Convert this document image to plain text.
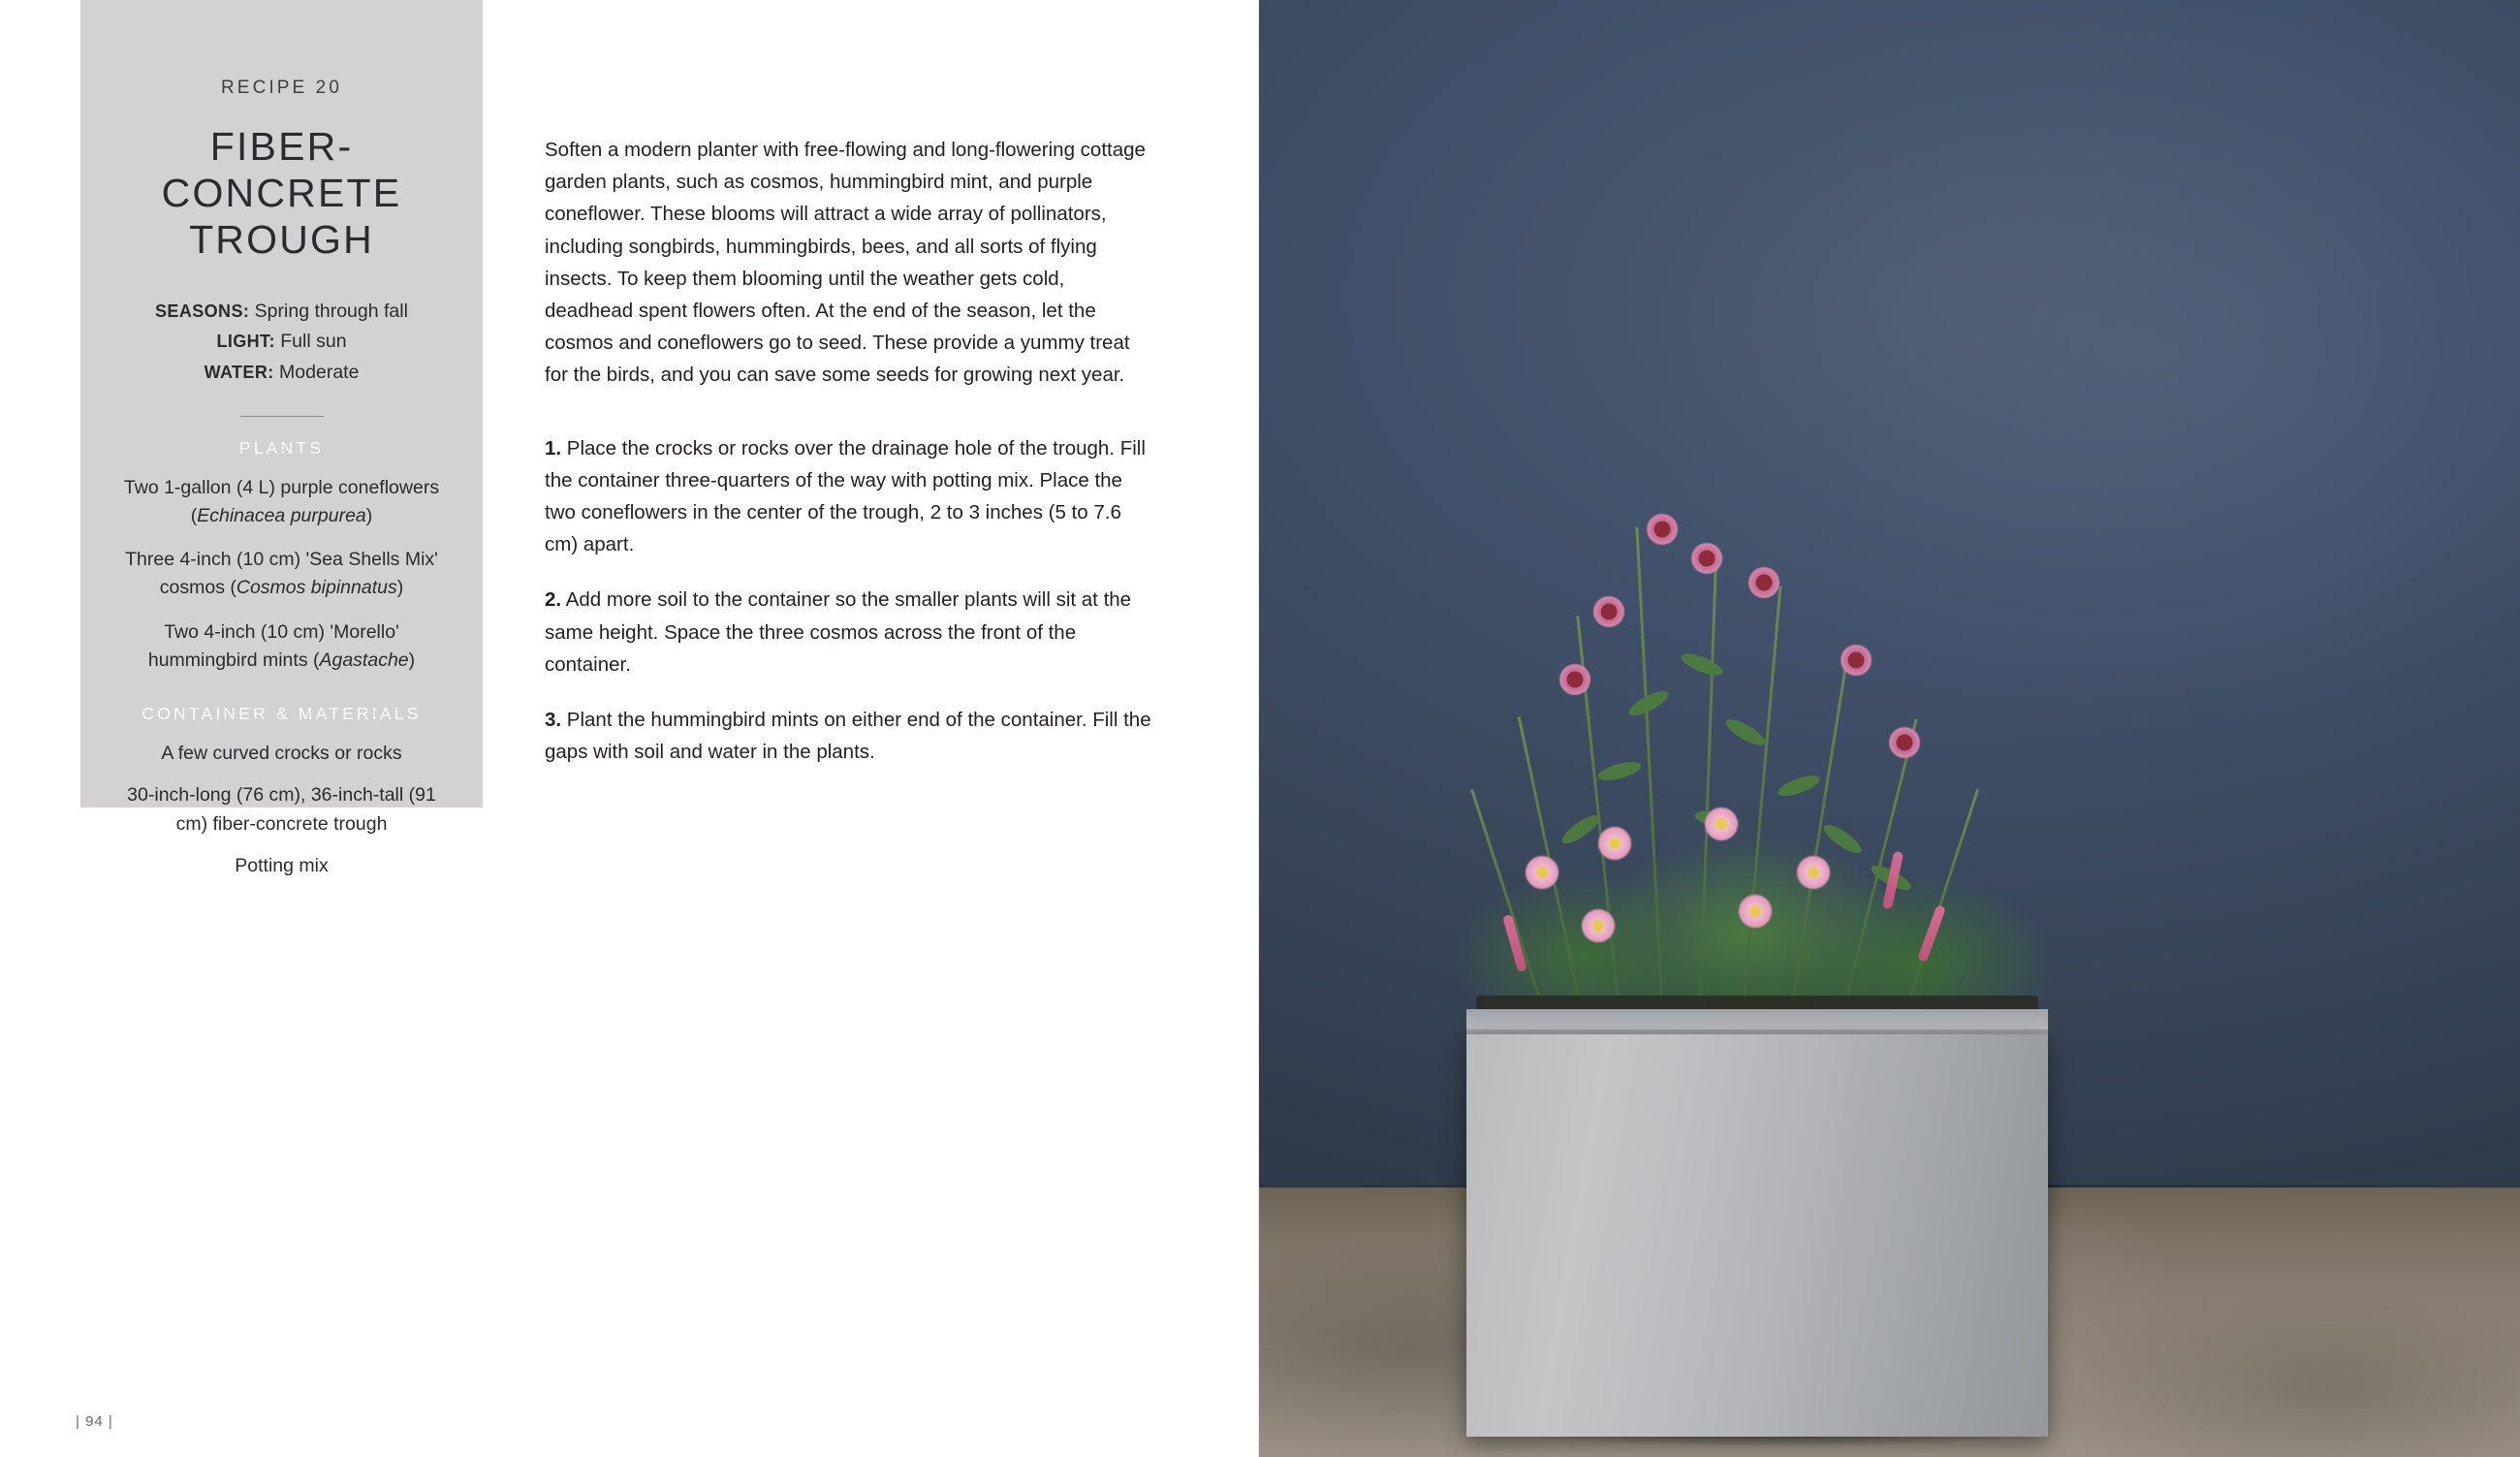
RECIPE 20
FIBER-CONCRETE TROUGH
SEASONS: Spring through fall
LIGHT: Full sun
WATER: Moderate
PLANTS
Two 1-gallon (4 L) purple coneflowers (Echinacea purpurea)
Three 4-inch (10 cm) 'Sea Shells Mix' cosmos (Cosmos bipinnatus)
Two 4-inch (10 cm) 'Morello' hummingbird mints (Agastache)
CONTAINER & MATERIALS
A few curved crocks or rocks
30-inch-long (76 cm), 36-inch-tall (91 cm) fiber-concrete trough
Potting mix

Soften a modern planter with free-flowing and long-flowering cottage garden plants, such as cosmos, hummingbird mint, and purple coneflower. These blooms will attract a wide array of pollinators, including songbirds, hummingbirds, bees, and all sorts of flying insects. To keep them blooming until the weather gets cold, deadhead spent flowers often. At the end of the season, let the cosmos and coneflowers go to seed. These provide a yummy treat for the birds, and you can save some seeds for growing next year.

1. Place the crocks or rocks over the drainage hole of the trough. Fill the container three-quarters of the way with potting mix. Place the two coneflowers in the center of the trough, 2 to 3 inches (5 to 7.6 cm) apart.

2. Add more soil to the container so the smaller plants will sit at the same height. Space the three cosmos across the front of the container.

3. Plant the hummingbird mints on either end of the container. Fill the gaps with soil and water in the plants.

| 94 |
